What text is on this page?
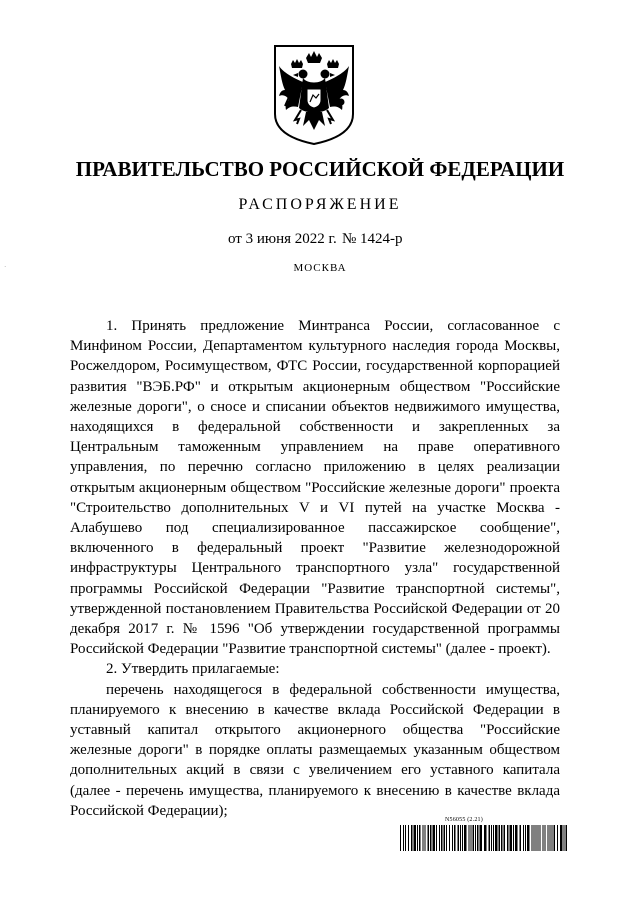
ПРАВИТЕЛЬСТВО РОССИЙСКОЙ ФЕДЕРАЦИИ
РАСПОРЯЖЕНИЕ
от 3 июня 2022 г. № 1424-р
МОСКВА
·

1. Принять предложение Минтранса России, согласованное с Минфином России, Департаментом культурного наследия города Москвы, Росжелдором, Росимуществом, ФТС России, государственной корпорацией развития "ВЭБ.РФ" и открытым акционерным обществом "Российские железные дороги", о сносе и списании объектов недвижимого имущества, находящихся в федеральной собственности и закрепленных за Центральным таможенным управлением на праве оперативного управления, по перечню согласно приложению в целях реализации открытым акционерным обществом "Российские железные дороги" проекта "Строительство дополнительных V и VI путей на участке Москва - Алабушево под специализированное пассажирское сообщение", включенного в федеральный проект "Развитие железнодорожной инфраструктуры Центрального транспортного узла" государственной программы Российской Федерации "Развитие транспортной системы", утвержденной постановлением Правительства Российской Федерации от 20 декабря 2017 г. № 1596 "Об утверждении государственной программы Российской Федерации "Развитие транспортной системы" (далее - проект).

2. Утвердить прилагаемые:

перечень находящегося в федеральной собственности имущества, планируемого к внесению в качестве вклада Российской Федерации в уставный капитал открытого акционерного общества "Российские железные дороги" в порядке оплаты размещаемых указанным обществом дополнительных акций в связи с увеличением его уставного капитала (далее - перечень имущества, планируемого к внесению в качестве вклада Российской Федерации);

N56055 (2.21)
